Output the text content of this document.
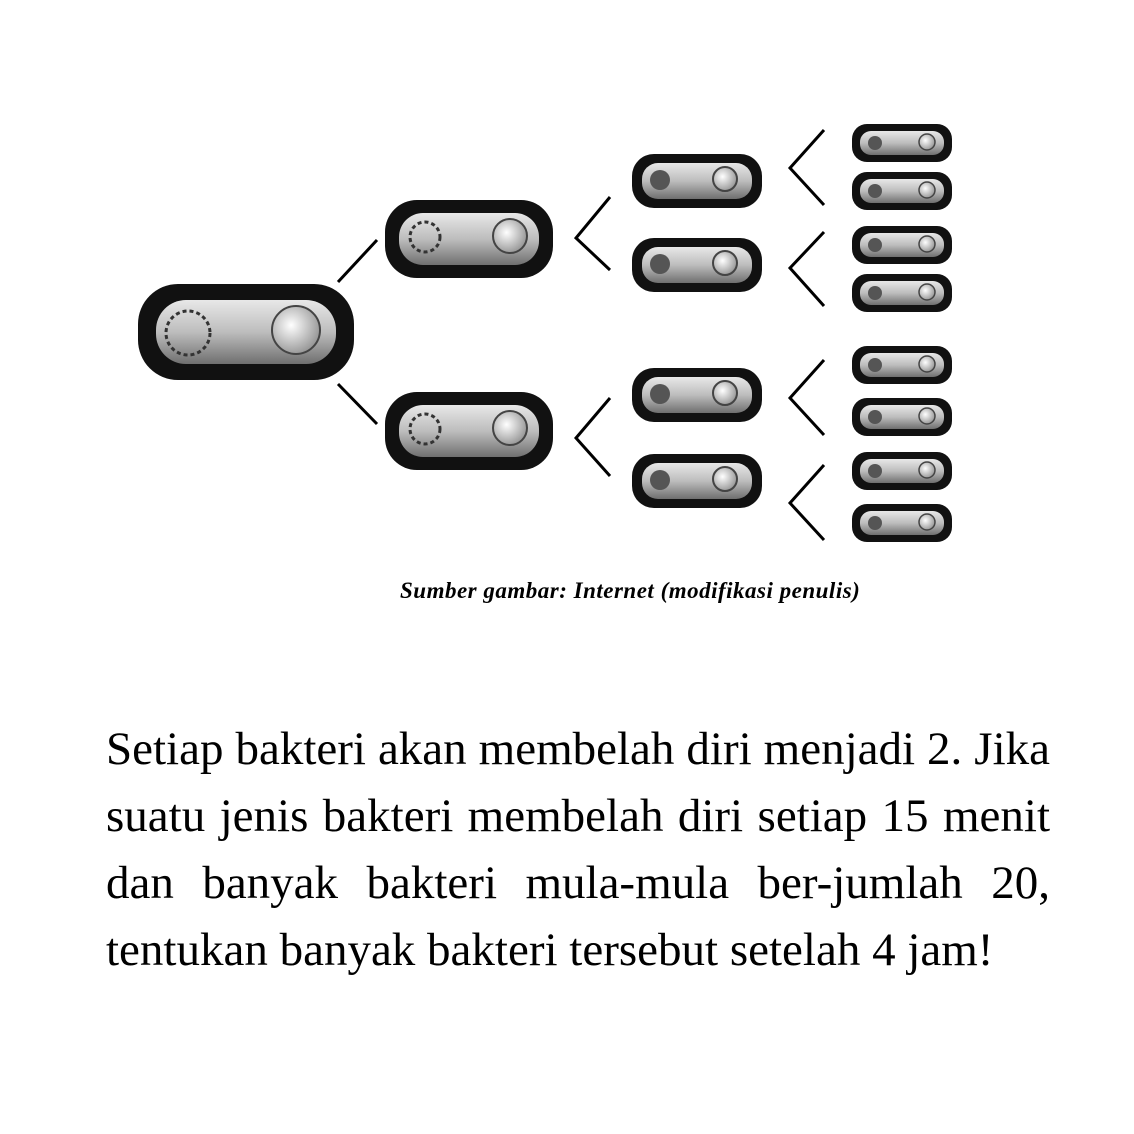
Sumber gambar: Internet (modifikasi penulis)

Setiap bakteri akan membelah diri menjadi 2. Jika suatu jenis bakteri membelah diri setiap 15 menit dan banyak bakteri mula-mula ber-jumlah 20, tentukan banyak bakteri tersebut setelah 4 jam!
